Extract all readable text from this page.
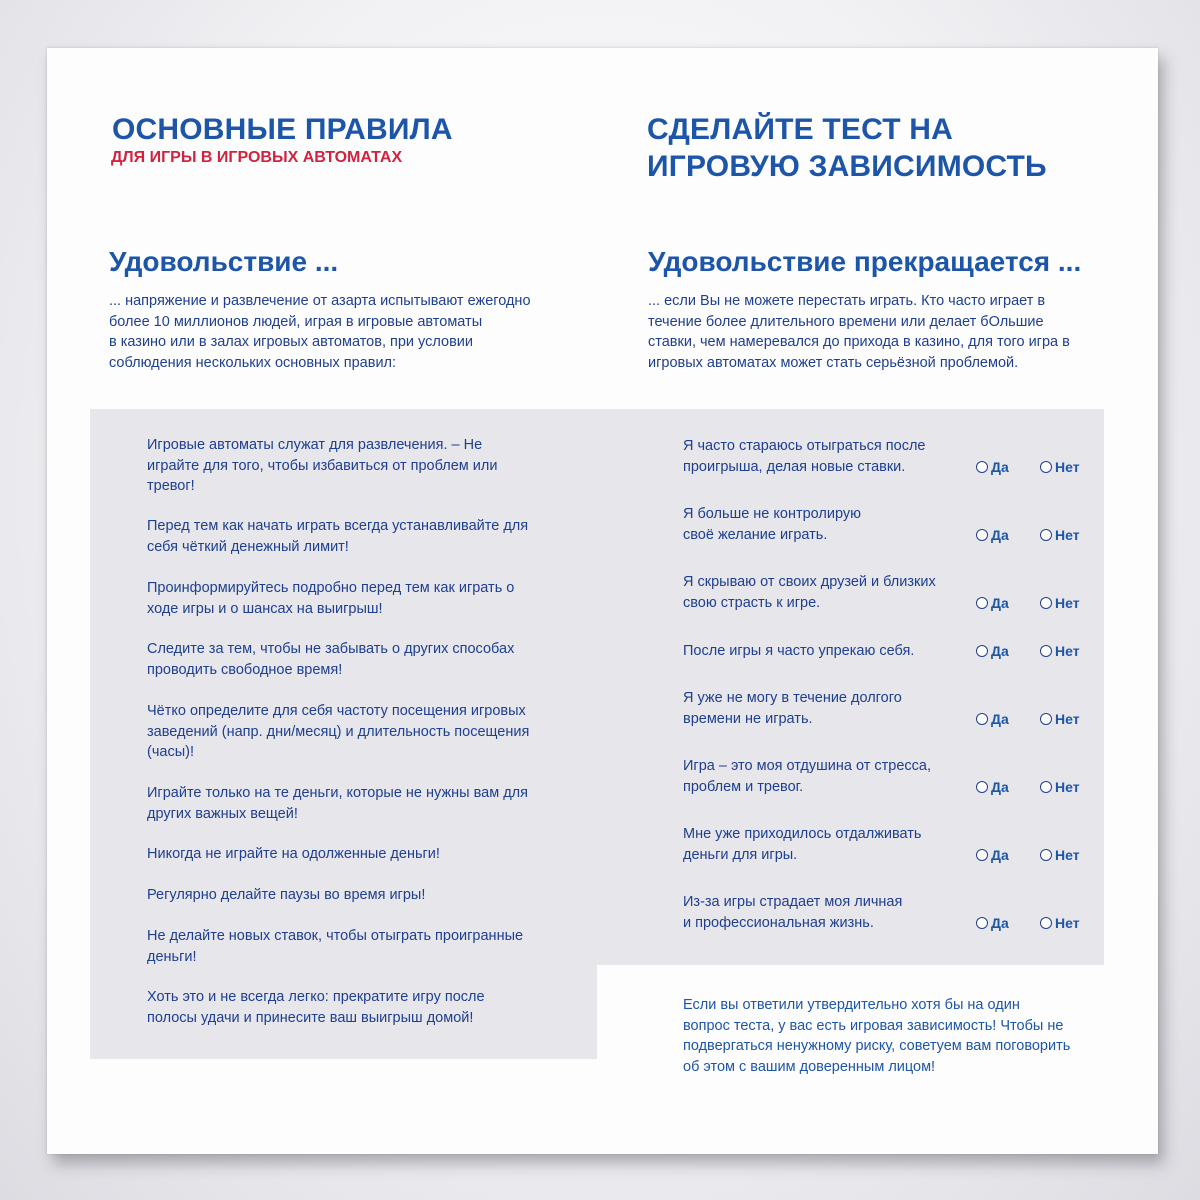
ОСНОВНЫЕ ПРАВИЛА
ДЛЯ ИГРЫ В ИГРОВЫХ АВТОМАТАХ
Удовольствие ...

... напряжение и развлечение от азарта испытывают ежегодно
более 10 миллионов людей, играя в игровые автоматы
в казино или в залах игровых автоматов, при условии
соблюдения нескольких основных правил:

СДЕЛАЙТЕ ТЕСТ НА
ИГРОВУЮ ЗАВИСИМОСТЬ
Удовольствие прекращается ...

... если Вы не можете перестать играть. Кто часто играет в
течение более длительного времени или делает бОльшие
ставки, чем намеревался до прихода в казино, для того игра в
игровых автоматах может стать серьёзной проблемой.

Игровые автоматы служат для развлечения. – Не
играйте для того, чтобы избавиться от проблем или
тревог!

Перед тем как начать играть всегда устанавливайте для
себя чёткий денежный лимит!

Проинформируйтесь подробно перед тем как играть о
ходе игры и о шансах на выигрыш!

Следите за тем, чтобы не забывать о других способах
проводить свободное время!

Чётко определите для себя частоту посещения игровых
заведений (напр. дни/месяц) и длительность посещения
(часы)!

Играйте только на те деньги, которые не нужны вам для
других важных вещей!

Никогда не играйте на одолженные деньги!

Регулярно делайте паузы во время игры!

Не делайте новых ставок, чтобы отыграть проигранные
деньги!

Хоть это и не всегда легко: прекратите игру после
полосы удачи и принесите ваш выигрыш домой!

Я часто стараюсь отыграться после
проигрыша, делая новые ставки.	Да	Нет

Я больше не контролирую
своё желание играть.	Да	Нет

Я скрываю от своих друзей и близких
свою страсть к игре.	Да	Нет

После игры я часто упрекаю себя.	Да	Нет

Я уже не могу в течение долгого
времени не играть.	Да	Нет

Игра – это моя отдушина от стресса,
проблем и тревог.	Да	Нет

Мне уже приходилось отдалживать
деньги для игры.	Да	Нет

Из-за игры страдает моя личная
и профессиональная жизнь.	Да	Нет

Если вы ответили утвердительно хотя бы на один
вопрос теста, у вас есть игровая зависимость! Чтобы не
подвергаться ненужному риску, советуем вам поговорить
об этом с вашим доверенным лицом!
